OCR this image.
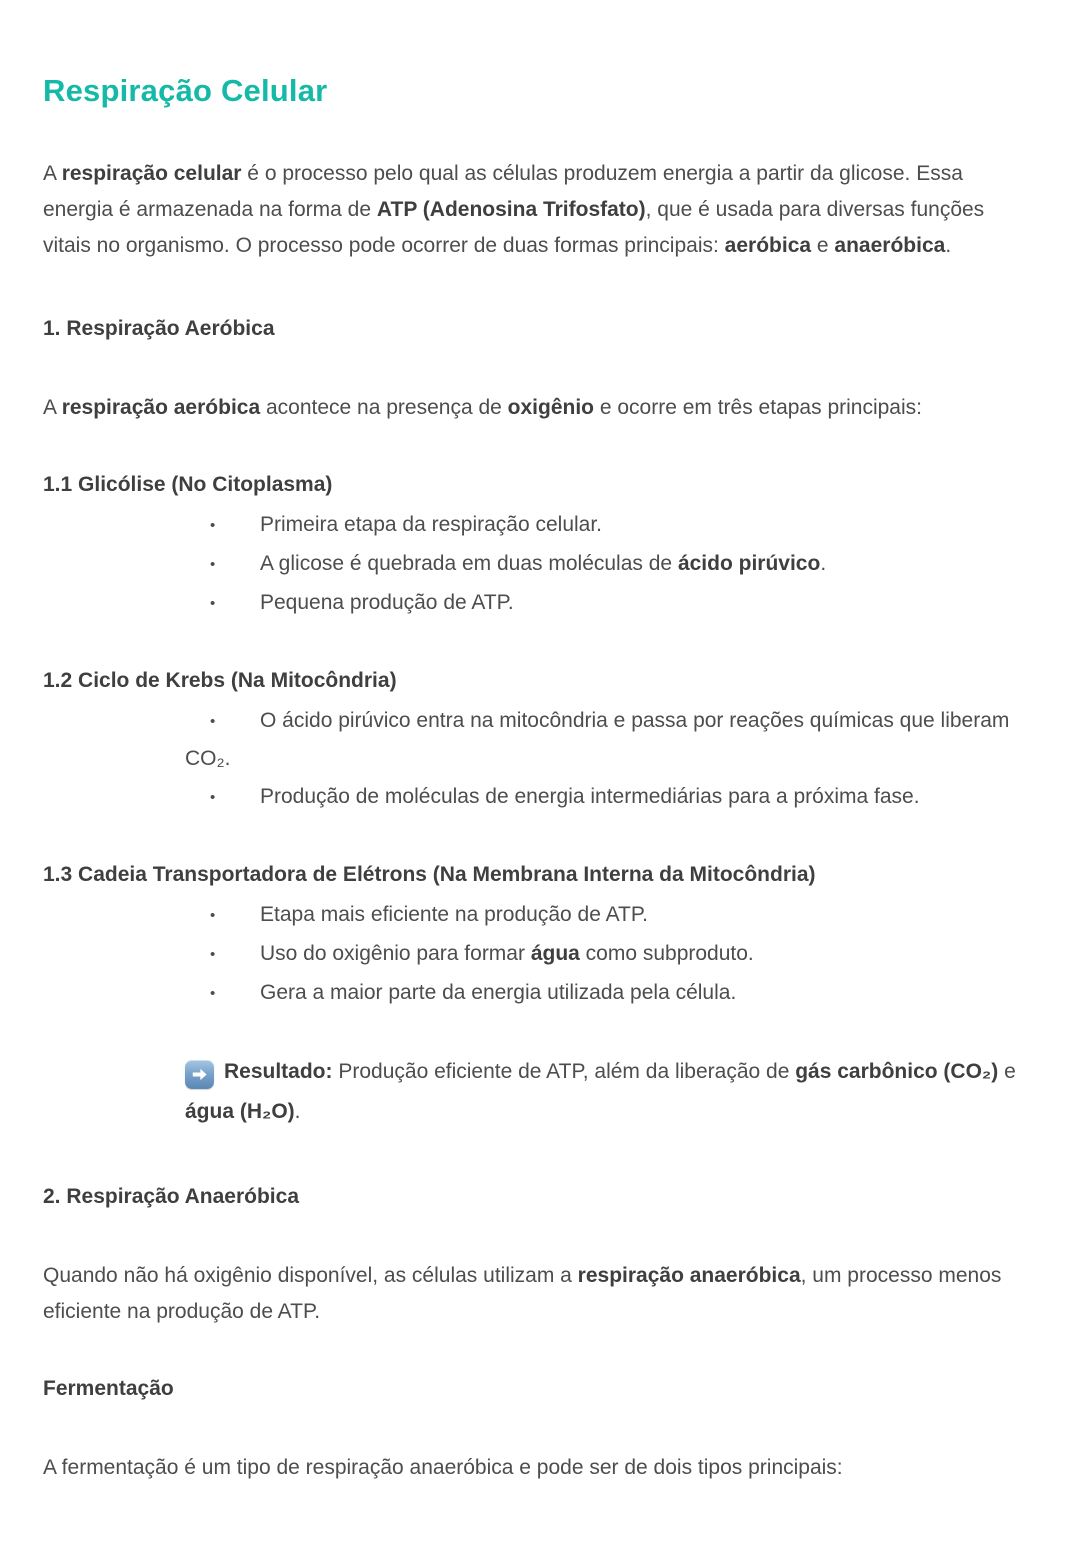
Respiração Celular

A respiração celular é o processo pelo qual as células produzem energia a partir da glicose. Essa energia é armazenada na forma de ATP (Adenosina Trifosfato), que é usada para diversas funções vitais no organismo. O processo pode ocorrer de duas formas principais: aeróbica e anaeróbica.

1. Respiração Aeróbica

A respiração aeróbica acontece na presença de oxigênio e ocorre em três etapas principais:

1.1 Glicólise (No Citoplasma)
• Primeira etapa da respiração celular.
• A glicose é quebrada em duas moléculas de ácido pirúvico.
• Pequena produção de ATP.
1.2 Ciclo de Krebs (Na Mitocôndria)
• O ácido pirúvico entra na mitocôndria e passa por reações químicas que liberam CO₂.
• Produção de moléculas de energia intermediárias para a próxima fase.
1.3 Cadeia Transportadora de Elétrons (Na Membrana Interna da Mitocôndria)
• Etapa mais eficiente na produção de ATP.
• Uso do oxigênio para formar água como subproduto.
• Gera a maior parte da energia utilizada pela célula.

Resultado: Produção eficiente de ATP, além da liberação de gás carbônico (CO₂) e água (H₂O).

2. Respiração Anaeróbica

Quando não há oxigênio disponível, as células utilizam a respiração anaeróbica, um processo menos eficiente na produção de ATP.

Fermentação

A fermentação é um tipo de respiração anaeróbica e pode ser de dois tipos principais:
